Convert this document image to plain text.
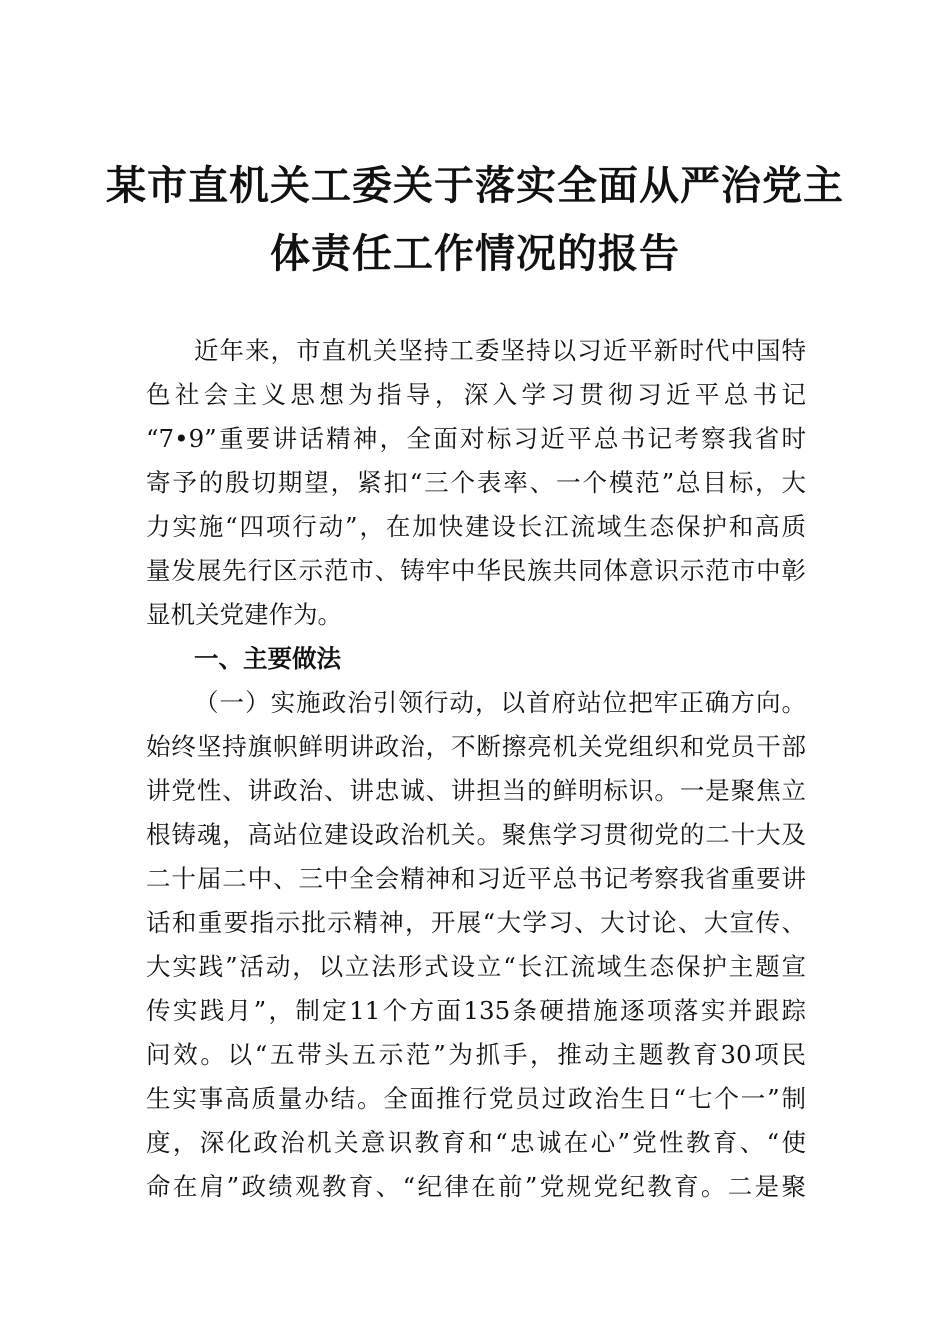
某市直机关工委关于落实全面从严治党主
体责任工作情况的报告
近年来，市直机关坚持工委坚持以习近平新时代中国特
色社会主义思想为指导，深入学习贯彻习近平总书记
“7•9”重要讲话精神，全面对标习近平总书记考察我省时
寄予的殷切期望，紧扣“三个表率、一个模范”总目标，大
力实施“四项行动”，在加快建设长江流域生态保护和高质
量发展先行区示范市、铸牢中华民族共同体意识示范市中彰
显机关党建作为。
一、主要做法
（一）实施政治引领行动，以首府站位把牢正确方向。
始终坚持旗帜鲜明讲政治，不断擦亮机关党组织和党员干部
讲党性、讲政治、讲忠诚、讲担当的鲜明标识。一是聚焦立
根铸魂，高站位建设政治机关。聚焦学习贯彻党的二十大及
二十届二中、三中全会精神和习近平总书记考察我省重要讲
话和重要指示批示精神，开展“大学习、大讨论、大宣传、
大实践”活动，以立法形式设立“长江流域生态保护主题宣
传实践月”，制定11个方面135条硬措施逐项落实并跟踪
问效。以“五带头五示范”为抓手，推动主题教育30项民
生实事高质量办结。全面推行党员过政治生日“七个一”制
度，深化政治机关意识教育和“忠诚在心”党性教育、“使
命在肩”政绩观教育、“纪律在前”党规党纪教育。二是聚
